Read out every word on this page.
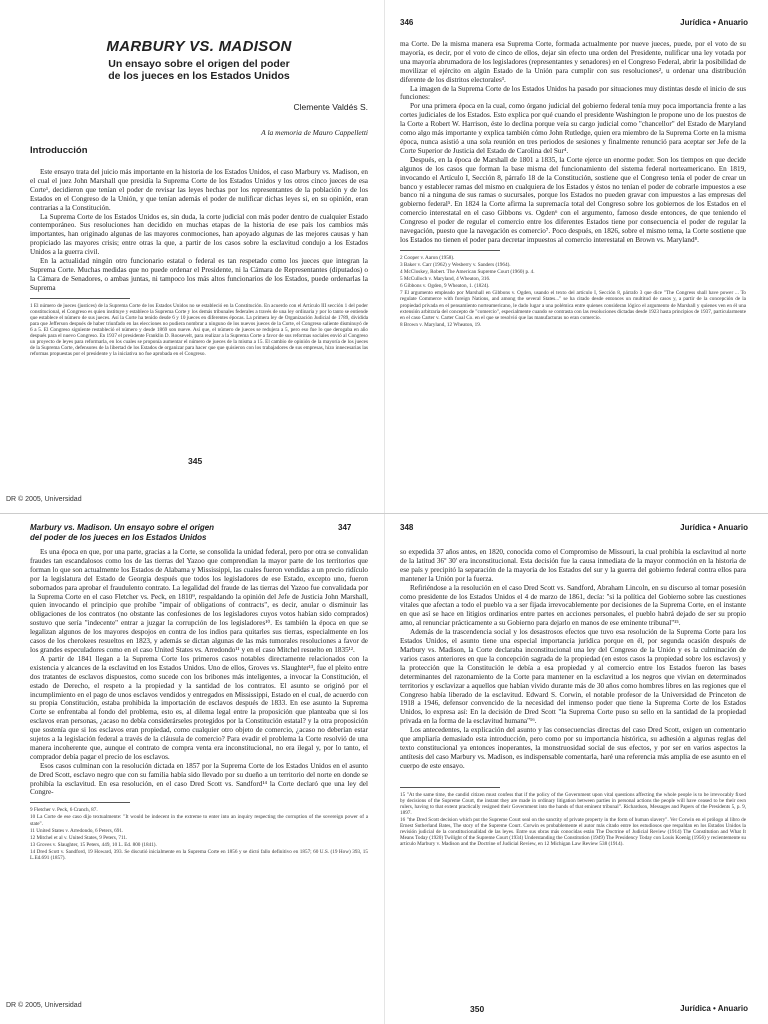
MARBURY VS. MADISON
Un ensayo sobre el origen del poder
de los jueces en los Estados Unidos
Clemente Valdés S.
A la memoria de Mauro Cappelletti
Introducción

Este ensayo trata del juicio más importante en la historia de los Estados Unidos, el caso Marbury vs. Madison, en el cual el juez John Marshall que presidía la Suprema Corte de los Estados Unidos y los otros cinco jueces de esa Corte¹, decidieron que tenían el poder de revisar las leyes hechas por los representantes de la población y de los Estados en el Congreso de la Unión, y que tenían además el poder de nulificar dichas leyes si, en su opinión, eran contrarias a la Constitución.

La Suprema Corte de los Estados Unidos es, sin duda, la corte judicial con más poder dentro de cualquier Estado contemporáneo. Sus resoluciones han decidido en muchas etapas de la historia de ese país los cambios más importantes, han originado algunas de las mayores conmociones, han apoyado algunas de las mejores causas y han propiciado las mayores crisis; entre otras la que, a partir de los casos sobre la esclavitud condujo a los Estados Unidos a la guerra civil.

En la actualidad ningún otro funcionario estatal o federal es tan respetado como los jueces que integran la Suprema Corte. Muchas medidas que no puede ordenar el Presidente, ni la Cámara de Representantes (diputados) o la Cámara de Senadores, o ambas juntas, ni tampoco los más altos funcionarios de los Estados, puede ordenarlas la Suprema

1 El número de jueces (justices) de la Suprema Corte de los Estados Unidos no se estableció en la Constitución. En acuerdo con el Artículo III sección 1 del poder constitucional, el Congreso es quien instituye y establece la Suprema Corte y los demás tribunales federales a través de una ley ordinaria y por lo tanto se entiende que establece el número de sus jueces. Así la Corte ha tenido desde 6 y 10 jueces en diferentes épocas. La primera ley de Organización Judicial de 1789, dividida para que Jefferson después de haber triunfado en las elecciones no pudiera nombrar a ninguno de los nuevos jueces de la Corte, el Congreso saliente disminuyó de 6 a 5. El Congreso siguiente restableció el número y desde 1869 son nueve. Así que, el número de jueces se redujera a 5, pero eso fue lo que derogaba en año después para el nuevo Congreso. En 1937 el presidente Franklin D. Roosevelt, para realizar a la Suprema Corte a favor de sus reformas sociales envió al Congreso un proyecto de leyes para reformarla, en los cuales se proponía aumentar el número de jueces de la misma a 15. El cambio de opinión de la mayoría de los jueces de la Suprema Corte, defensores de la libertad de los Estados de organizar para hacer que que quisieron con los trabajadores de sus empresas, hizo innecesarias las reformas propuestas por el presidente y la iniciativa no fue aprobada en el Congreso.

345
346	Jurídica • Anuario

ma Corte. De la misma manera esa Suprema Corte, formada actualmente por nueve jueces, puede, por el voto de su mayoría, es decir, por el voto de cinco de ellos, dejar sin efecto una orden del Presidente, nulificar una ley votada por una mayoría abrumadora de los legisladores (representantes y senadores) en el Congreso Federal, abrir la posibilidad de movilizar el ejército en algún Estado de la Unión para cumplir con sus resoluciones², u ordenar una distribución diferente de los distritos electorales³.

La imagen de la Suprema Corte de los Estados Unidos ha pasado por situaciones muy distintas desde el inicio de sus funciones:

Por una primera época en la cual, como órgano judicial del gobierno federal tenía muy poca importancia frente a las cortes judiciales de los Estados. Esto explica por qué cuando el presidente Washington le propone uno de los puestos de la Corte a Robert W. Harrison, éste lo declina porque veía su cargo judicial como "chancellor" del Estado de Maryland como algo más importante y explica también cómo John Rutledge, quien era miembro de la Suprema Corte en la misma época, nunca asistió a una sola reunión en tres periodos de sesiones y finalmente renunció para aceptar ser Jefe de la Corte Superior de Justicia del Estado de Carolina del Sur⁴.

Después, en la época de Marshall de 1801 a 1835, la Corte ejerce un enorme poder. Son los tiempos en que decide algunos de los casos que forman la base misma del funcionamiento del sistema federal norteamericano. En 1819, invocando el Artículo I, Sección 8, párrafo 18 de la Constitución, sostiene que el Congreso tenía el poder de crear un banco y establecer ramas del mismo en cualquiera de los Estados y éstos no tenían el poder de cobrarle impuestos a ese banco ni a ninguna de sus ramas o sucursales, porque los Estados no pueden gravar con impuestos a las empresas del gobierno federal⁵. En 1824 la Corte afirma la supremacía total del Congreso sobre los gobiernos de los Estados en el comercio interestatal en el caso Gibbons vs. Ogden⁶ con el argumento, famoso desde entonces, de que teniendo el Congreso el poder de regular el comercio entre los diferentes Estados tiene por consecuencia el poder de regular la navegación, puesto que la navegación es comercio⁷. Poco después, en 1826, sobre el mismo tema, la Corte sostiene que los Estados no tienen el poder para decretar impuestos al comercio interestatal en Brown vs. Maryland⁸.

2 Cooper v. Aaron (1958).

3 Baker v. Carr (1962) y Wesberry v. Sanders (1964).

4 McCloskey, Robert. The American Supreme Court (1960) p. 4.

5 McCulloch v. Maryland, 4 Wheaton, 316.

6 Gibbons v. Ogden, 9 Wheaton, 1. (1824).

7 El argumento empleado por Marshall en Gibbons v. Ogden, usando el texto del artículo I, Sección 8, párrafo 3 que dice "The Congress shall have power ... To regulate Commerce with foreign Nations, and among the several States..." se ha citado desde entonces un multitud de casos y, a partir de la concepción de la propiedad privada en el pensamiento norteamericano, le dado lugar a una polémica entre quienes consideran lógico el argumento de Marshall y quienes ven en él una extensión arbitraria del concepto de "comercio", especialmente cuando se contrasta con las resoluciones dictadas desde 1923 hasta principios de 1937, particularmente en el caso Carter v. Carter Coal Co. en el que se resolvió que las manufacturas no eran comercio.

8 Brown v. Maryland, 12 Wheaton, 19.

DR © 2005, Universidad
Marbury vs. Madison. Un ensayo sobre el origen
del poder de los jueces en los Estados Unidos
347

Es una época en que, por una parte, gracias a la Corte, se consolida la unidad federal, pero por otra se convalidan fraudes tan escandalosos como los de las tierras del Yazoo que comprendían la mayor parte de los territorios que forman lo que son actualmente los Estados de Alabama y Mississippi, las cuales fueron vendidas a un precio ridículo por la legislatura del Estado de Georgia después que todos los legisladores de ese Estado, excepto uno, fueron sobornados para aprobar el fraudulento contrato. La legalidad del fraude de las tierras del Yazoo fue convalidada por la Suprema Corte en el caso Fletcher vs. Peck, en 1810⁹, respaldando la opinión del Jefe de Justicia John Marshall, quien invocando el principio que prohíbe "impair of obligations of contracts", es decir, anular o disminuir las obligaciones de los contratos (no obstante las confesiones de los legisladores cuyos votos habían sido comprados) sostuvo que sería "indecente" entrar a juzgar la corrupción de los legisladores¹⁰. Es también la época en que se legalizan algunos de los mayores despojos en contra de los indios para quitarles sus tierras, especialmente en los casos de los cherokees resueltos en 1823, y además se dictan algunas de las más tumorales resoluciones a favor de los grandes especuladores como en el caso United States vs. Arredondo¹¹ y en el caso Mitchel resuelto en 1835¹².

A partir de 1841 llegan a la Suprema Corte los primeros casos notables directamente relacionados con la existencia y alcances de la esclavitud en los Estados Unidos. Uno de ellos, Groves vs. Slaughter¹³, fue el pleito entre dos tratantes de esclavos dispuestos, como sucede con los bribones más inteligentes, a invocar la Constitución, el estado de Derecho, el respeto a la propiedad y la santidad de los contratos. El asunto se originó por el incumplimiento en el pago de unos esclavos vendidos y entregados en Mississippi, Estado en el cual, de acuerdo con su propia Constitución, estaba prohibida la importación de esclavos después de 1833. En ese asunto la Suprema Corte se enfrentaba al fondo del problema, esto es, al dilema legal entre la proposición que planteaba que si los esclavos eran personas, ¿acaso no debía considerárseles protegidos por la Constitución estatal? y la otra proposición que sostenía que si los esclavos eran propiedad, como cualquier otro objeto de comercio, ¿acaso no deberían estar sujetos a la legislación federal a través de la cláusula de comercio? Para evadir el problema la Corte resolvió de una manera incoherente que, aunque el contrato de compra venta era inconstitucional, no era ilegal y, por lo tanto, el comprador debía pagar el precio de los esclavos.

Esos casos culminan con la resolución dictada en 1857 por la Suprema Corte de los Estados Unidos en el asunto de Dred Scott, esclavo negro que con su familia había sido llevado por su dueño a un territorio del norte en donde se prohibía la esclavitud. En esa resolución, en el caso Dred Scott vs. Sandford¹⁴ la Corte declaró que una ley del Congre-

9 Fletcher v. Peck, 6 Cranch, 87.

10 La Corte de ese caso dijo textualmente: "It would be indecent in the extreme to enter into an inquiry respecting the corruption of the sovereign power of a state".

11 United States v. Arredondo, 6 Peters, 691.

12 Mitchel et al v. United States, 9 Peters, 711.

13 Groves v. Slaughter, 15 Peters, 449, 10 L. Ed. 800 (1841).

14 Dred Scott v. Sandford, 19 Howard, 393. Se discutió inicialmente en la Suprema Corte en 1856 y se dictó fallo definitivo en 1857; 60 U.S. (19 How) 393, 15 L.Ed.691 (1857).

348	Jurídica • Anuario

so expedida 37 años antes, en 1820, conocida como el Compromiso de Missouri, la cual prohibía la esclavitud al norte de la latitud 36º 30' era inconstitucional. Esta decisión fue la causa inmediata de la mayor conmoción en la historia de ese país y precipitó la separación de la mayoría de los Estados del sur y la guerra del gobierno federal contra ellos para mantener la Unión por la fuerza.

Refiriéndose a la resolución en el caso Dred Scott vs. Sandford, Abraham Lincoln, en su discurso al tomar posesión como presidente de los Estados Unidos el 4 de marzo de 1861, decía: "si la política del Gobierno sobre las cuestiones vitales que afectan a todo el pueblo va a ser fijada irrevocablemente por decisiones de la Suprema Corte, en el instante en que así se hace en litigios ordinarios entre partes en acciones personales, el pueblo habrá dejado de ser su propio amo, al renunciar prácticamente a su Gobierno para dejarlo en manos de ese eminente tribunal"¹⁵.

Además de la trascendencia social y los desastrosos efectos que tuvo esa resolución de la Suprema Corte para los Estados Unidos, el asunto tiene una especial importancia jurídica porque en él, por segunda ocasión después de Marbury vs. Madison, la Corte declaraba inconstitucional una ley del Congreso de la Unión y es la culminación de varios casos anteriores en que la concepción sagrada de la propiedad (en estos casos la propiedad sobre los esclavos) y la protección que la Constitución le debía a esa propiedad y al comercio entre los Estados fueron las bases determinantes del razonamiento de la Corte para mantener en la esclavitud a los negros que vivían en determinados territorios y esclavizar a aquellos que habían vivido durante más de 30 años como hombres libres en las regiones que el Congreso había liberado de la esclavitud. Edward S. Corwin, el notable profesor de la Universidad de Princeton de 1918 a 1946, defensor convencido de la necesidad del inmenso poder que tiene la Suprema Corte de los Estados Unidos, lo expresa así: En la decisión de Dred Scott "la Suprema Corte puso su sello en la santidad de la propiedad privada en la forma de la esclavitud humana"¹⁶.

Los antecedentes, la explicación del asunto y las consecuencias directas del caso Dred Scott, exigen un comentario que ampliaría demasiado esta introducción, pero como por su importancia histórica, su adhesión a algunas reglas del texto constitucional ya entonces inoperantes, la monstruosidad social de sus efectos, y por ser en varios aspectos la antítesis del caso Marbury vs. Madison, es indispensable comentarla, haré una referencia más amplia de ese asunto en el cuerpo de este ensayo.

15 "At the same time, the candid citizen must confess that if the policy of the Government upon vital questions affecting the whole people is to be irrevocably fixed by decisions of the Supreme Court, the instant they are made in ordinary litigation between parties in personal actions the people will have ceased to be their own rulers, having to that extent practically resigned their Government into the hands of that eminent tribunal". Richardson, Messages and Papers of the Presidents 5, p. 9, 1897.

16 "the Dred Scott decision which put the Supreme Court seal on the sanctity of private property in the form of human slavery". Ver Corwin en el prólogo al libro de Ernest Sutherland Bates, The story of the Supreme Court. Corwin es probablemente el autor más citado entre los estudiosos que respaldan en los Estados Unidos la revisión judicial de la constitucionalidad de las leyes. Entre sus obras más conocidas están The Doctrine of Judicial Review (1914) The Constitution and What It Means Today (1920) Twilight of the Supreme Court (1934) Understanding the Constitution (1949) The Presidency Today con Louis Koenig (1956) y recientemente su artículo Marbury v. Madison and the Doctrine of Judicial Review, en 12 Michigan Law Review 538 (1914).

DR © 2005, Universidad	350	Jurídica • Anuario
